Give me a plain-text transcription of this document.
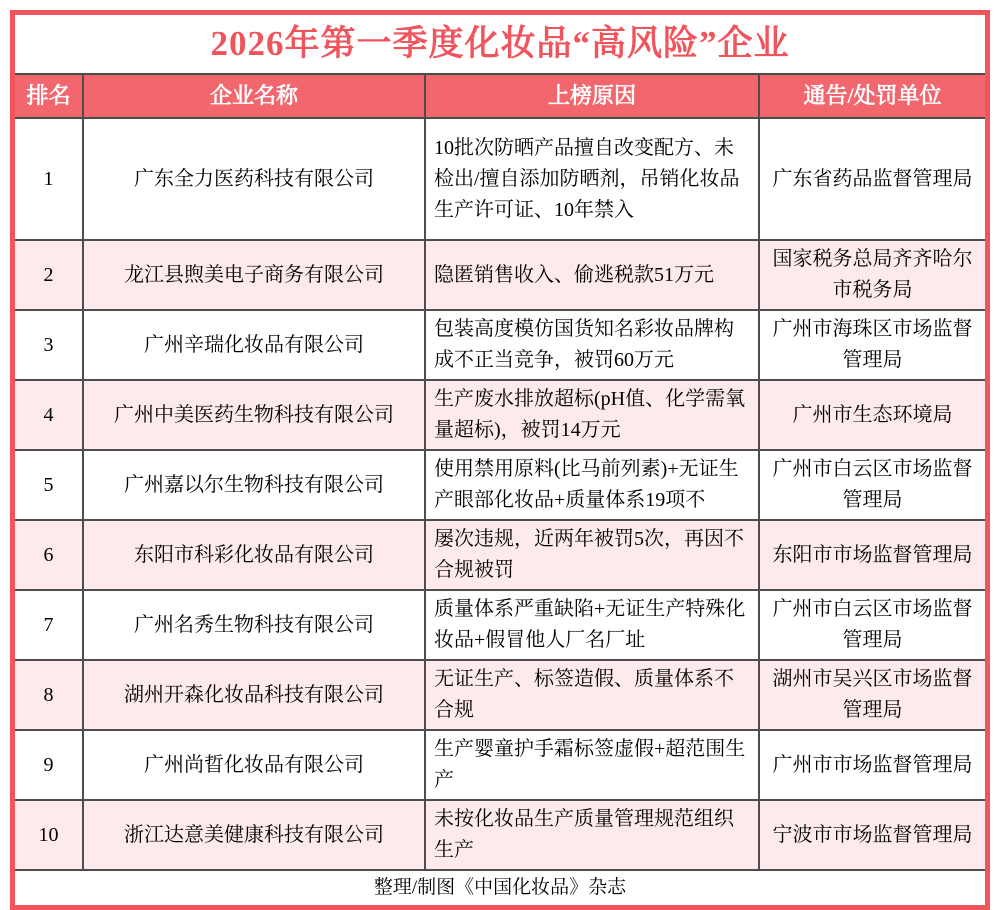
2026年第一季度化妆品“高风险”企业			
排名	企业名称	上榜原因	通告/处罚单位
1	广东全力医药科技有限公司	10批次防晒产品擅自改变配方、未检出/擅自添加防晒剂，吊销化妆品生产许可证、10年禁入	广东省药品监督管理局
2	龙江县煦美电子商务有限公司	隐匿销售收入、偷逃税款51万元	国家税务总局齐齐哈尔市税务局
3	广州辛瑞化妆品有限公司	包装高度模仿国货知名彩妆品牌构成不正当竞争，被罚60万元	广州市海珠区市场监督管理局
4	广州中美医药生物科技有限公司	生产废水排放超标(pH值、化学需氧量超标)，被罚14万元	广州市生态环境局
5	广州嘉以尔生物科技有限公司	使用禁用原料(比马前列素)+无证生产眼部化妆品+质量体系19项不	广州市白云区市场监督管理局
6	东阳市科彩化妆品有限公司	屡次违规，近两年被罚5次，再因不合规被罚	东阳市市场监督管理局
7	广州名秀生物科技有限公司	质量体系严重缺陷+无证生产特殊化妆品+假冒他人厂名厂址	广州市白云区市场监督管理局
8	湖州开森化妆品科技有限公司	无证生产、标签造假、质量体系不合规	湖州市吴兴区市场监督管理局
9	广州尚晢化妆品有限公司	生产婴童护手霜标签虚假+超范围生产	广州市市场监督管理局
10	浙江达意美健康科技有限公司	未按化妆品生产质量管理规范组织生产	宁波市市场监督管理局
整理/制图《中国化妆品》杂志			
